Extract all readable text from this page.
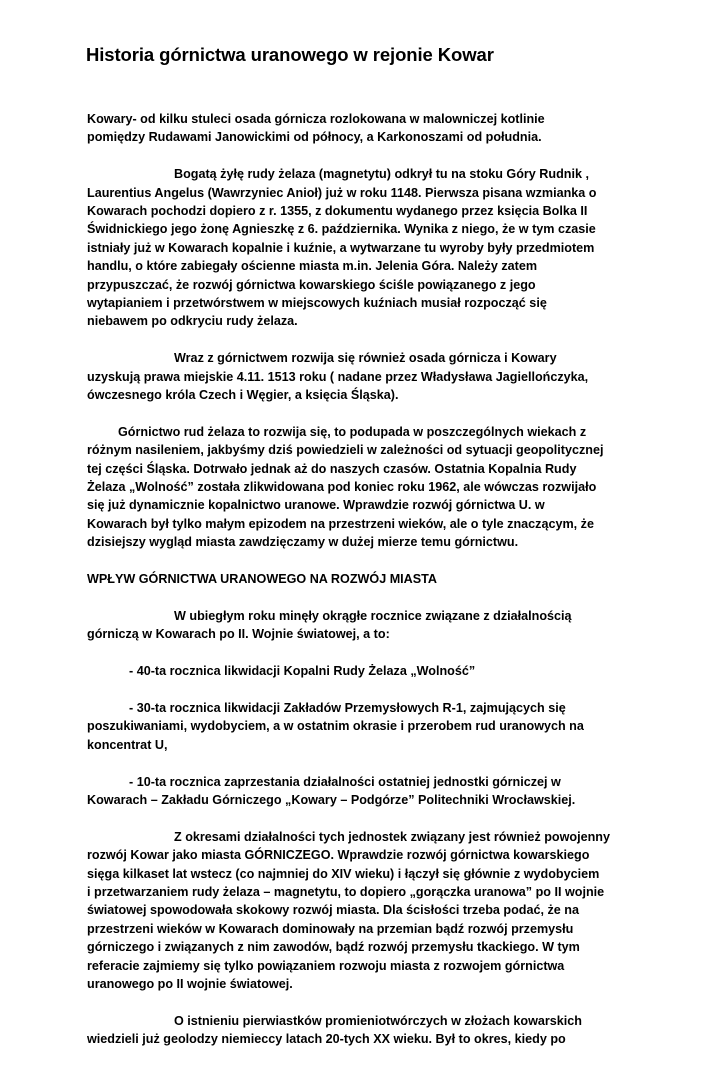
Historia górnictwa uranowego w rejonie Kowar

Kowary- od kilku stuleci osada górnicza rozlokowana w malowniczej kotlinie
pomiędzy Rudawami Janowickimi od północy, a Karkonoszami od południa.

Bogatą żyłę rudy żelaza (magnetytu) odkrył tu na stoku Góry Rudnik ,
Laurentius Angelus (Wawrzyniec Anioł) już w roku 1148. Pierwsza pisana wzmianka o
Kowarach pochodzi dopiero z r. 1355, z dokumentu wydanego przez księcia Bolka II
Świdnickiego jego żonę Agnieszkę z 6. października. Wynika z niego, że w tym czasie
istniały już w Kowarach kopalnie i kuźnie, a wytwarzane tu wyroby były przedmiotem
handlu, o które zabiegały ościenne miasta m.in. Jelenia Góra. Należy zatem
przypuszczać, że rozwój górnictwa kowarskiego ściśle powiązanego z jego
wytapianiem i przetwórstwem w miejscowych kuźniach musiał rozpocząć się
niebawem po odkryciu rudy żelaza.

Wraz z górnictwem rozwija się również osada górnicza i Kowary
uzyskują prawa miejskie 4.11. 1513 roku ( nadane przez Władysława Jagiellończyka,
ówczesnego króla Czech i Węgier, a księcia Śląska).

Górnictwo rud żelaza to rozwija się, to podupada w poszczególnych wiekach z
różnym nasileniem, jakbyśmy dziś powiedzieli w zależności od sytuacji geopolitycznej
tej części Śląska. Dotrwało jednak aż do naszych czasów. Ostatnia Kopalnia Rudy
Żelaza „Wolność” została zlikwidowana pod koniec roku 1962, ale wówczas rozwijało
się już dynamicznie kopalnictwo uranowe. Wprawdzie rozwój górnictwa U. w
Kowarach był tylko małym epizodem na przestrzeni wieków, ale o tyle znaczącym, że
dzisiejszy wygląd miasta zawdzięczamy w dużej mierze temu górnictwu.

WPŁYW GÓRNICTWA URANOWEGO NA ROZWÓJ MIASTA

W ubiegłym roku minęły okrągłe rocznice związane z działalnością
górniczą w Kowarach po II. Wojnie światowej, a to:

- 40-ta rocznica likwidacji Kopalni Rudy Żelaza „Wolność”

- 30-ta rocznica likwidacji Zakładów Przemysłowych R-1, zajmujących się
poszukiwaniami, wydobyciem, a w ostatnim okrasie i przerobem rud uranowych na
koncentrat U,

- 10-ta rocznica zaprzestania działalności ostatniej jednostki górniczej w
Kowarach – Zakładu Górniczego „Kowary – Podgórze” Politechniki Wrocławskiej.

Z okresami działalności tych jednostek związany jest również powojenny
rozwój Kowar jako miasta GÓRNICZEGO. Wprawdzie rozwój górnictwa kowarskiego
sięga kilkaset lat wstecz (co najmniej do XIV wieku) i łączył się głównie z wydobyciem
i przetwarzaniem rudy żelaza – magnetytu, to dopiero „gorączka uranowa” po II wojnie
światowej spowodowała skokowy rozwój miasta. Dla ścisłości trzeba podać, że na
przestrzeni wieków w Kowarach dominowały na przemian bądź rozwój przemysłu
górniczego i związanych z nim zawodów, bądź rozwój przemysłu tkackiego. W tym
referacie zajmiemy się tylko powiązaniem rozwoju miasta z rozwojem górnictwa
uranowego po II wojnie światowej.

O istnieniu pierwiastków promieniotwórczych w złożach kowarskich
wiedzieli już geolodzy niemieccy latach 20-tych XX wieku. Był to okres, kiedy po
